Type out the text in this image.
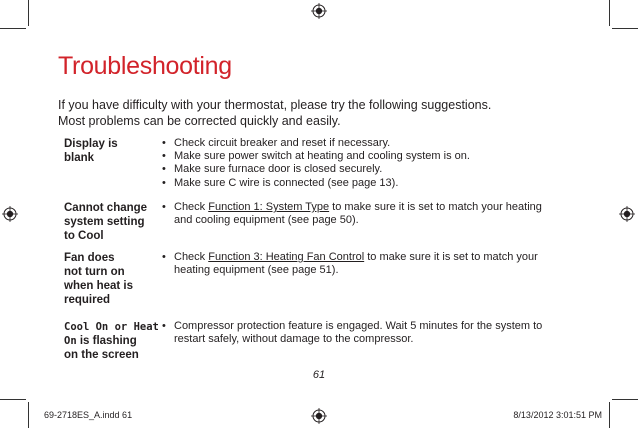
Troubleshooting
If you have difficulty with your thermostat, please try the following suggestions.
Most problems can be corrected quickly and easily.
Display is
blank
• Check circuit breaker and reset if necessary.
• Make sure power switch at heating and cooling system is on.
• Make sure furnace door is closed securely.
• Make sure C wire is connected (see page 13).
Cannot change
system setting
to Cool
• Check Function 1: System Type to make sure it is set to match your heating
and cooling equipment (see page 50).
Fan does
not turn on
when heat is
required
• Check Function 3: Heating Fan Control to make sure it is set to match your
heating equipment (see page 51).
Cool On or Heat
On is flashing
on the screen
• Compressor protection feature is engaged. Wait 5 minutes for the system to
restart safely, without damage to the compressor.
61
69-2718ES_A.indd 61	8/13/2012 3:01:51 PM
